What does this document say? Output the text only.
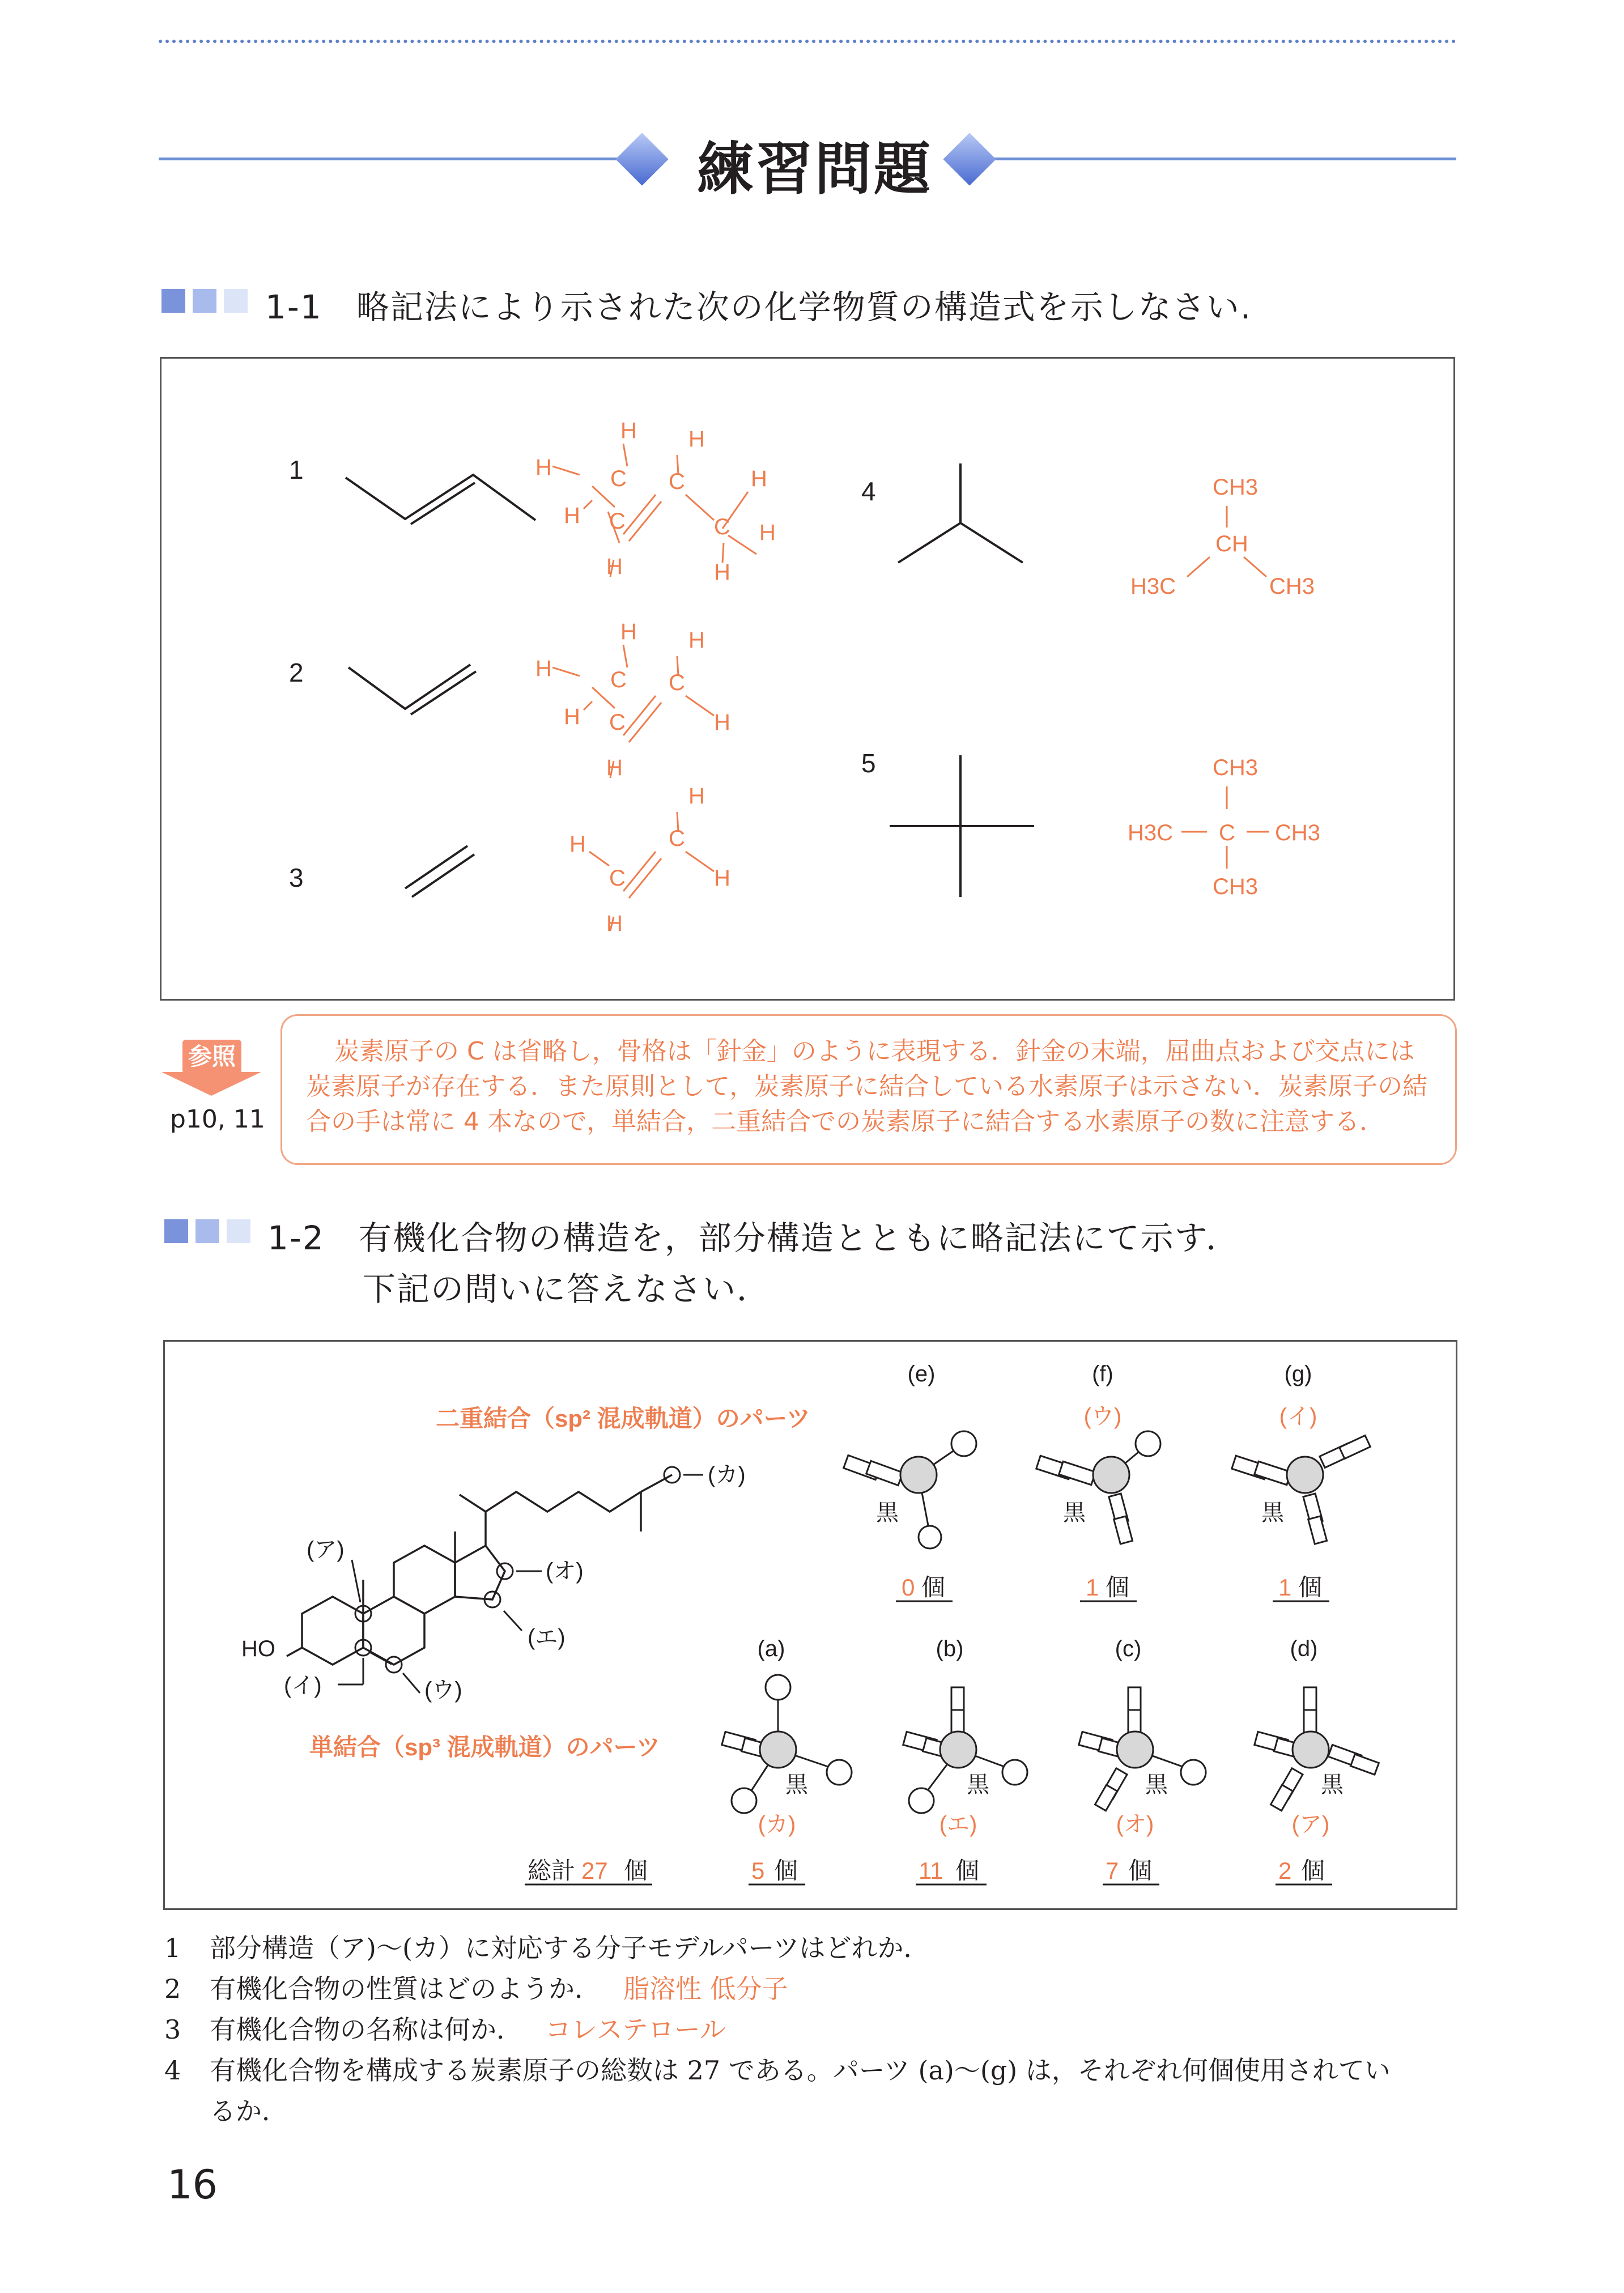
練習問題
1-1 略記法により示された次の化学物質の構造式を示しなさい.
1
2
3
4
5
H H
H	C C	H
H C	C H
H	H
H H
H	C C
H C	H
H
H
C
H
H
C
H
CH3
CH
H3C	CH3
CH3
H3C C CH3
CH3
参照
p10, 11
炭素原子の C は省略し，骨格は「針金」のように表現する．針金の末端，屈曲点および交点には炭素原子が存在する．また原則として，炭素原子に結合している水素原子は示さない．炭素原子の結合の手は常に 4 本なので，単結合，二重結合での炭素原子に結合する水素原子の数に注意する．
1-2 有機化合物の構造を，部分構造とともに略記法にて示す．
下記の問いに答えなさい．
二重結合（sp² 混成軌道）のパーツ
単結合（sp³ 混成軌道）のパーツ
(ア)
(イ)	(ウ)
(エ)
(オ)
(カ)
HO
(e)
黒
(f)
(ウ)
黒
(g)
(イ)
黒
0 個	1 個	1 個
(a)
黒
(カ)
(b)
黒
(エ)
(c)
黒
(オ)
(d)
黒
(ア)
総計 27 個	5 個	11 個	7 個	2 個
1 部分構造（ア)～(カ）に対応する分子モデルパーツはどれか．
2 有機化合物の性質はどのようか． 脂溶性 低分子
3 有機化合物の名称は何か． コレステロール
4 有機化合物を構成する炭素原子の総数は 27 である。パーツ (a)～(g) は，それぞれ何個使用されてい
るか．
16
